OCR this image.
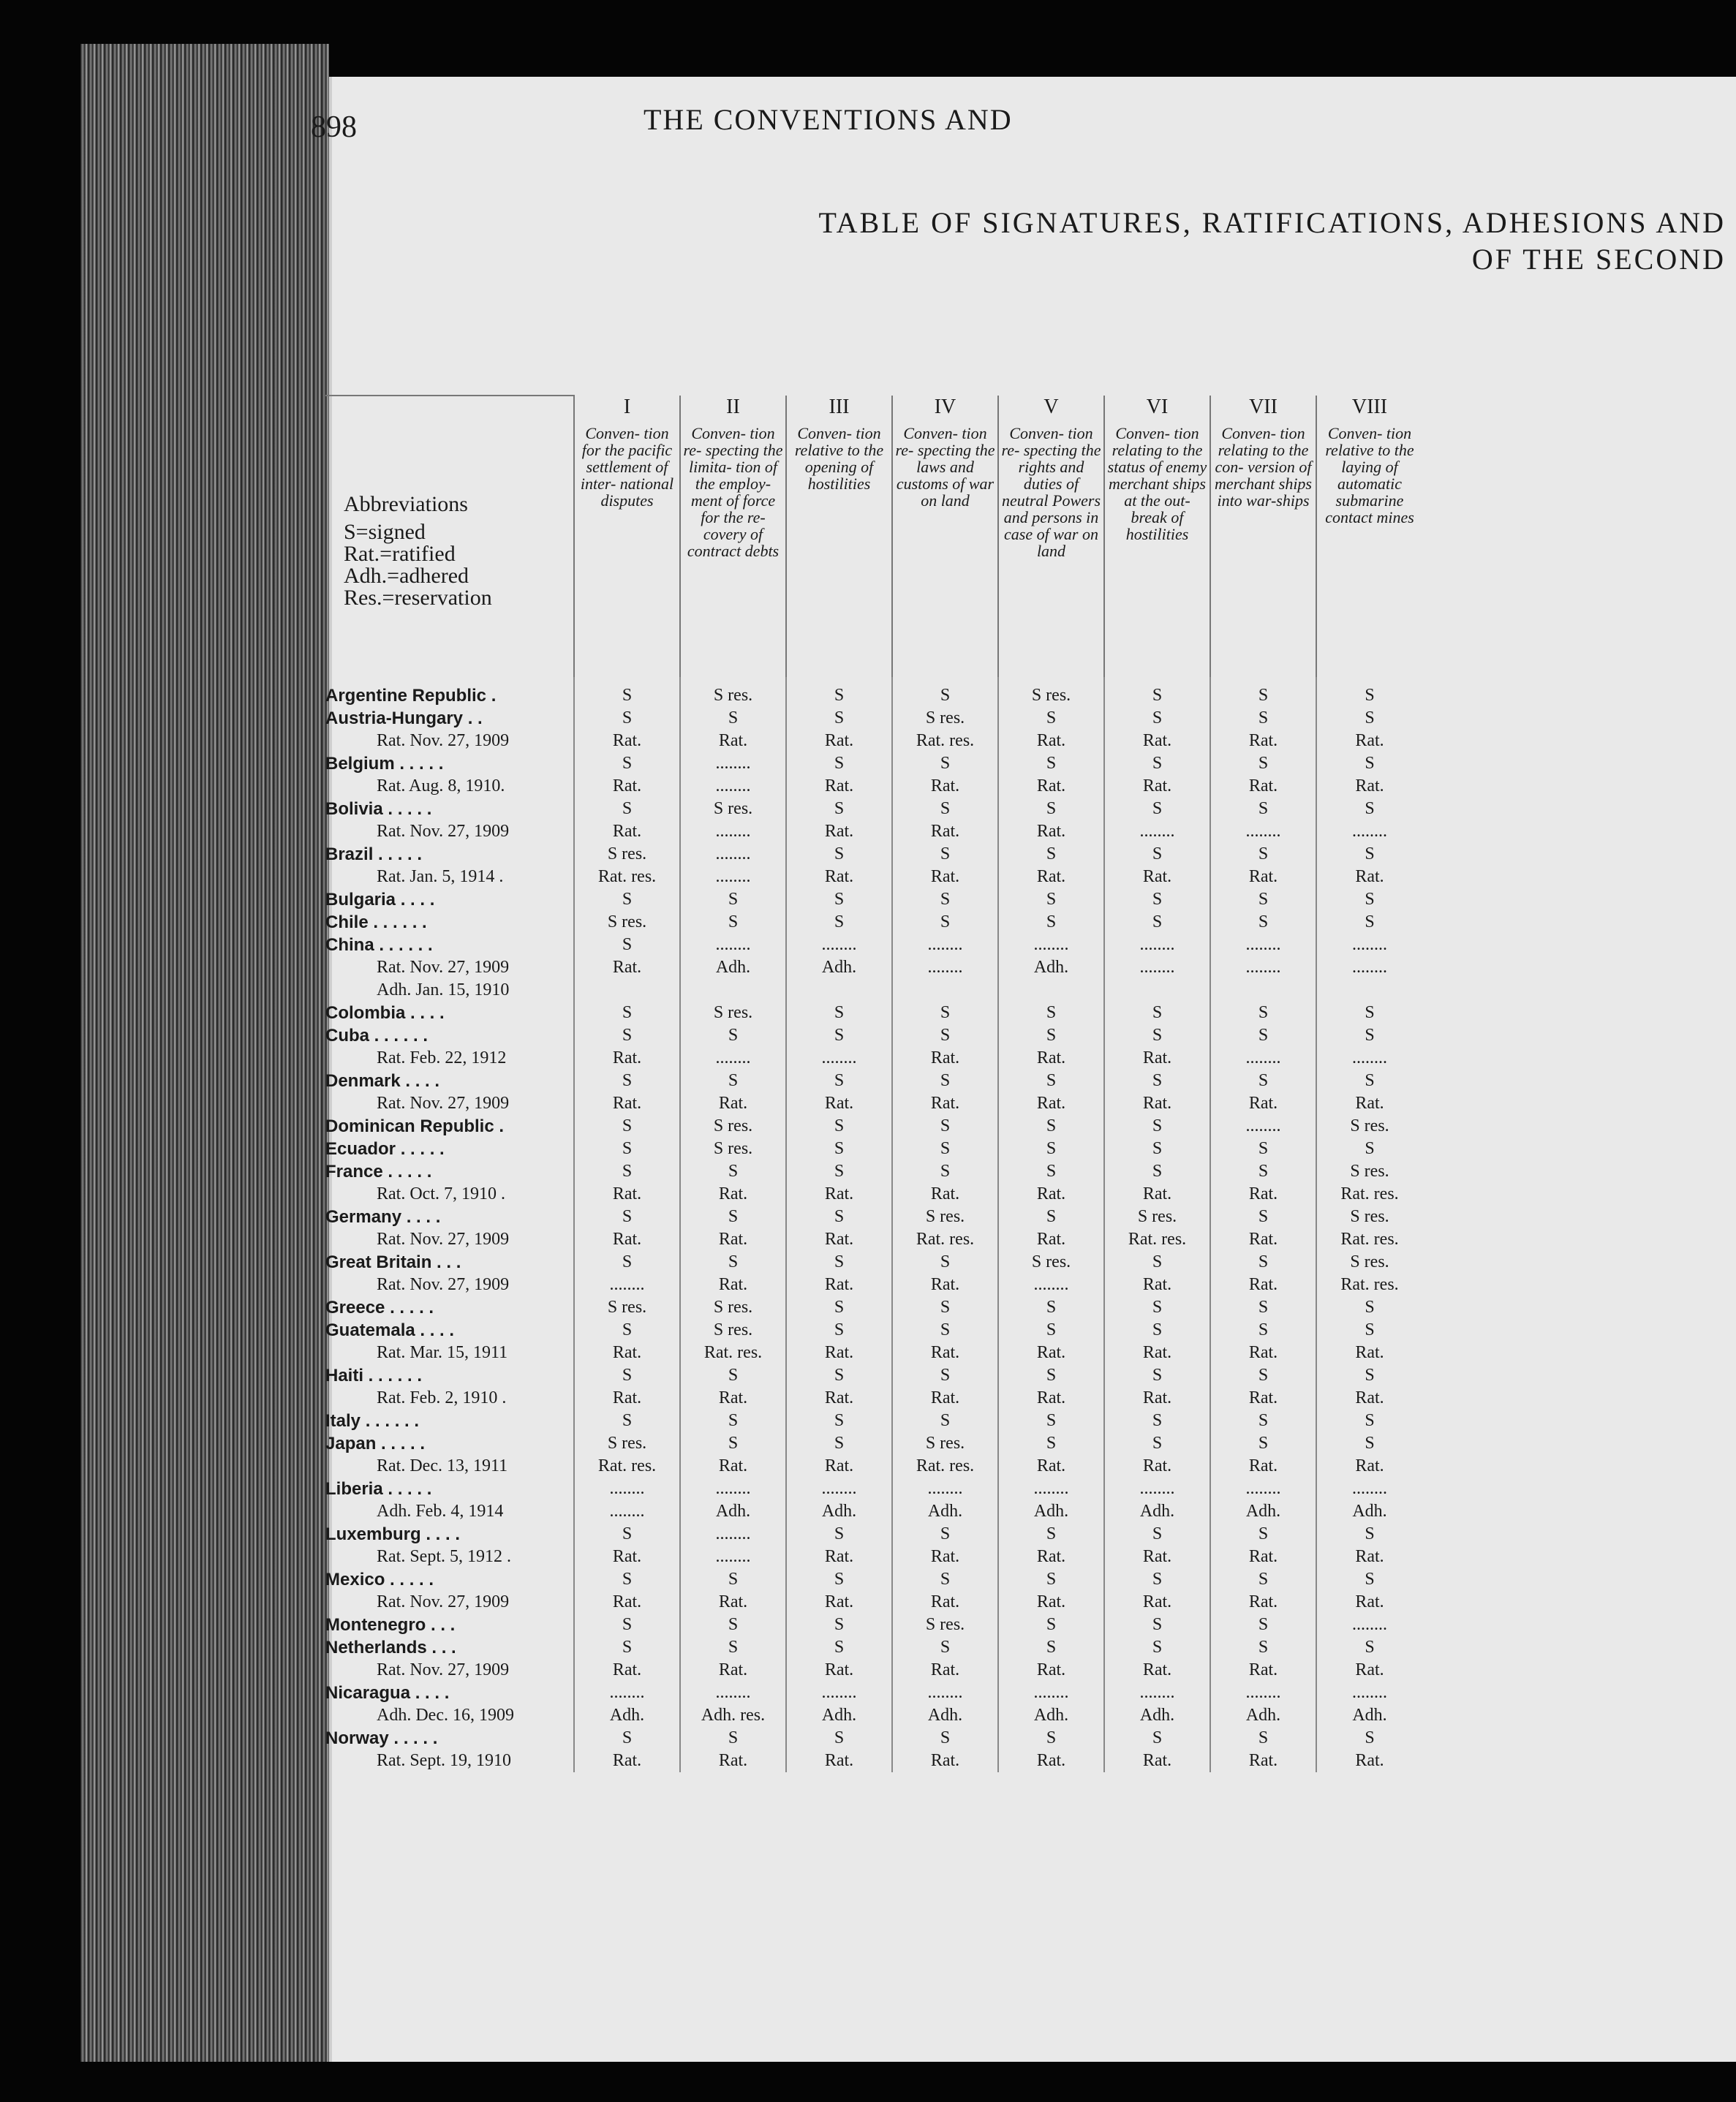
898	THE CONVENTIONS AND
TABLE OF SIGNATURES, RATIFICATIONS, ADHESIONS AND
OF THE SECOND
	I	II	III	IV	V	VI	VII	VIII

Abbreviations
S=signed
Rat.=ratified
Adh.=adhered
Res.=reservation	Conven- tion for the pacific settlement of inter- national disputes	Conven- tion re- specting the limita- tion of the employ- ment of force for the re- covery of contract debts	Conven- tion relative to the opening of hostilities	Conven- tion re- specting the laws and customs of war on land	Conven- tion re- specting the rights and duties of neutral Powers and persons in case of war on land	Conven- tion relating to the status of enemy merchant ships at the out- break of hostilities	Conven- tion relating to the con- version of merchant ships into war-ships	Conven- tion relative to the laying of automatic submarine contact mines
Argentine Republic .	S	S res.	S	S	S res.	S	S	S
Austria-Hungary . .	S	S	S	S res.	S	S	S	S
Rat. Nov. 27, 1909	Rat.	Rat.	Rat.	Rat. res.	Rat.	Rat.	Rat.	Rat.
Belgium . . . . .	S	........	S	S	S	S	S	S
Rat. Aug. 8, 1910.	Rat.	........	Rat.	Rat.	Rat.	Rat.	Rat.	Rat.
Bolivia . . . . .	S	S res.	S	S	S	S	S	S
Rat. Nov. 27, 1909	Rat.	........	Rat.	Rat.	Rat.	........	........	........
Brazil . . . . .	S res.	........	S	S	S	S	S	S
Rat. Jan. 5, 1914 .	Rat. res.	........	Rat.	Rat.	Rat.	Rat.	Rat.	Rat.
Bulgaria . . . .	S	S	S	S	S	S	S	S
Chile . . . . . .	S res.	S	S	S	S	S	S	S
China . . . . . .	S	........	........	........	........	........	........	........
Rat. Nov. 27, 1909	Rat.	Adh.	Adh.	........	Adh.	........	........	........
Adh. Jan. 15, 1910								
Colombia . . . .	S	S res.	S	S	S	S	S	S
Cuba . . . . . .	S	S	S	S	S	S	S	S
Rat. Feb. 22, 1912	Rat.	........	........	Rat.	Rat.	Rat.	........	........
Denmark . . . .	S	S	S	S	S	S	S	S
Rat. Nov. 27, 1909	Rat.	Rat.	Rat.	Rat.	Rat.	Rat.	Rat.	Rat.
Dominican Republic .	S	S res.	S	S	S	S	........	S res.
Ecuador . . . . .	S	S res.	S	S	S	S	S	S
France . . . . .	S	S	S	S	S	S	S	S res.
Rat. Oct. 7, 1910 .	Rat.	Rat.	Rat.	Rat.	Rat.	Rat.	Rat.	Rat. res.
Germany . . . .	S	S	S	S res.	S	S res.	S	S res.
Rat. Nov. 27, 1909	Rat.	Rat.	Rat.	Rat. res.	Rat.	Rat. res.	Rat.	Rat. res.
Great Britain . . .	S	S	S	S	S res.	S	S	S res.
Rat. Nov. 27, 1909	........	Rat.	Rat.	Rat.	........	Rat.	Rat.	Rat. res.
Greece . . . . .	S res.	S res.	S	S	S	S	S	S
Guatemala . . . .	S	S res.	S	S	S	S	S	S
Rat. Mar. 15, 1911	Rat.	Rat. res.	Rat.	Rat.	Rat.	Rat.	Rat.	Rat.
Haiti . . . . . .	S	S	S	S	S	S	S	S
Rat. Feb. 2, 1910 .	Rat.	Rat.	Rat.	Rat.	Rat.	Rat.	Rat.	Rat.
Italy . . . . . .	S	S	S	S	S	S	S	S
Japan . . . . .	S res.	S	S	S res.	S	S	S	S
Rat. Dec. 13, 1911	Rat. res.	Rat.	Rat.	Rat. res.	Rat.	Rat.	Rat.	Rat.
Liberia . . . . .	........	........	........	........	........	........	........	........
Adh. Feb. 4, 1914	........	Adh.	Adh.	Adh.	Adh.	Adh.	Adh.	Adh.
Luxemburg . . . .	S	........	S	S	S	S	S	S
Rat. Sept. 5, 1912 .	Rat.	........	Rat.	Rat.	Rat.	Rat.	Rat.	Rat.
Mexico . . . . .	S	S	S	S	S	S	S	S
Rat. Nov. 27, 1909	Rat.	Rat.	Rat.	Rat.	Rat.	Rat.	Rat.	Rat.
Montenegro . . .	S	S	S	S res.	S	S	S	........
Netherlands . . .	S	S	S	S	S	S	S	S
Rat. Nov. 27, 1909	Rat.	Rat.	Rat.	Rat.	Rat.	Rat.	Rat.	Rat.
Nicaragua . . . .	........	........	........	........	........	........	........	........
Adh. Dec. 16, 1909	Adh.	Adh. res.	Adh.	Adh.	Adh.	Adh.	Adh.	Adh.
Norway . . . . .	S	S	S	S	S	S	S	S
Rat. Sept. 19, 1910	Rat.	Rat.	Rat.	Rat.	Rat.	Rat.	Rat.	Rat.
